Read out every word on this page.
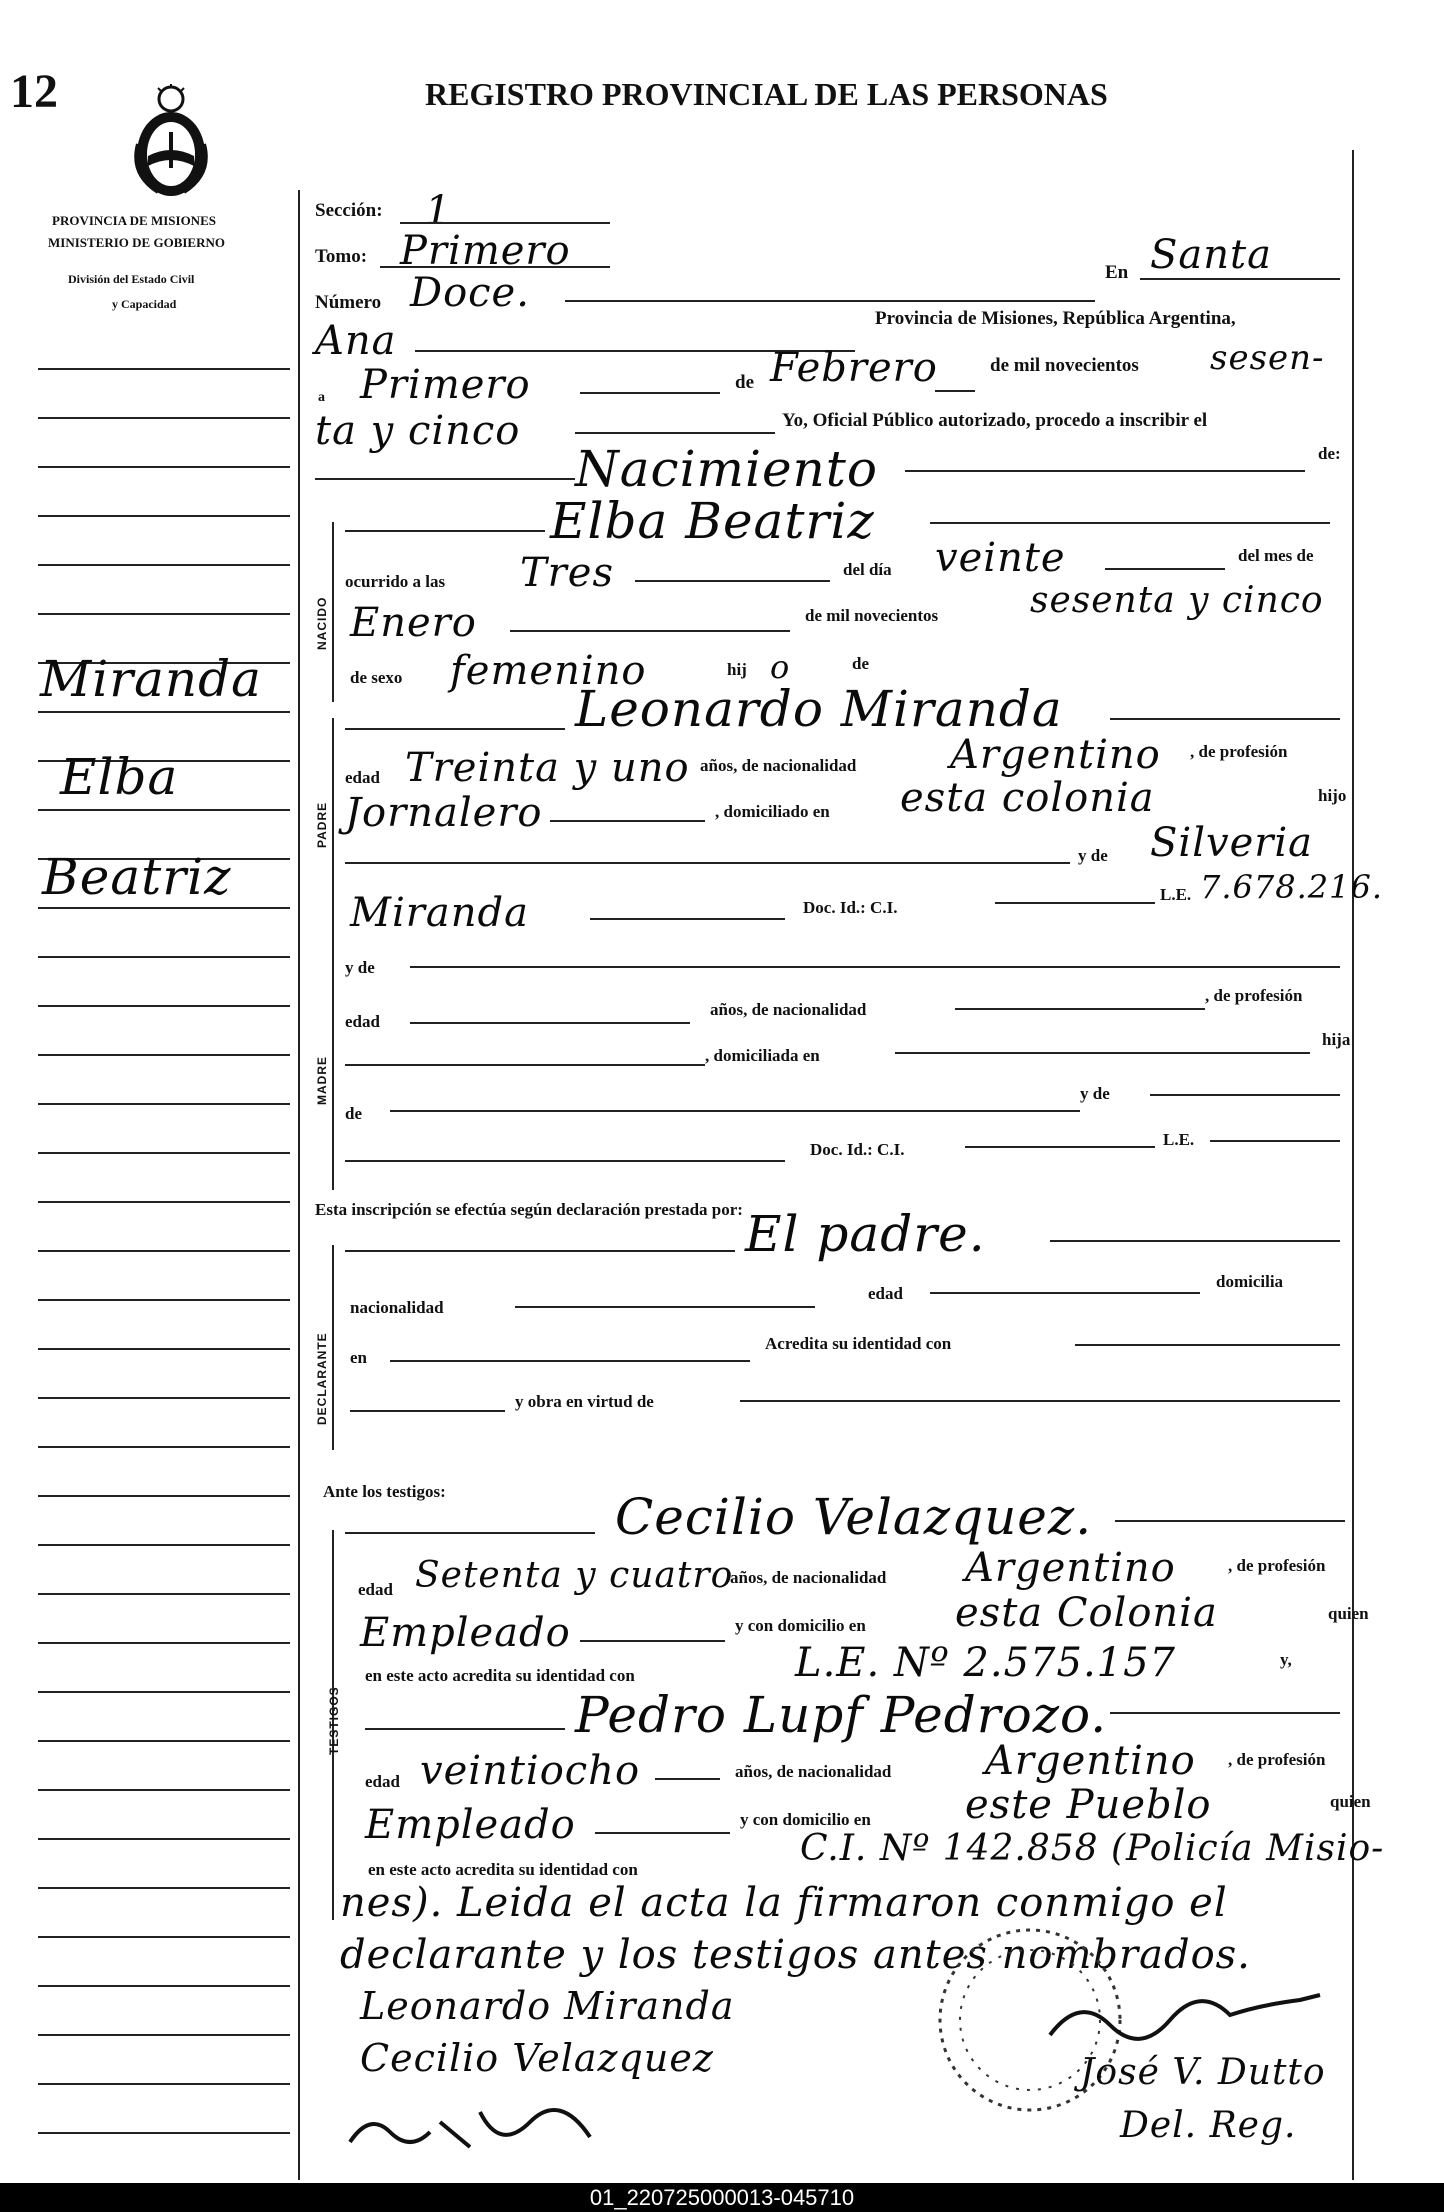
12	REGISTRO PROVINCIAL DE LAS PERSONAS
PROVINCIA DE MISIONES
MINISTERIO DE GOBIERNO
División del Estado Civil
y Capacidad
Miranda
Elba
Beatriz
NACIDO
PADRE
MADRE
DECLARANTE
TESTIGOS
Sección: 1
Tomo: Primero	En Santa
Número Doce.
Provincia de Misiones, República Argentina,
Ana
a Primero	de Febrero	de mil novecientos sesen-
ta y cinco	Yo, Oficial Público autorizado, procedo a inscribir el
Nacimiento	de:
Elba Beatriz
ocurrido a las Tres	del día veinte	del mes de
Enero	de mil novecientos	sesenta y cinco
de sexo femenino	hij o	de
Leonardo Miranda
edad Treinta y uno años, de nacionalidad Argentino , de profesión
Jornalero	, domiciliado en esta colonia	hijo
y de Silveria
Miranda	Doc. Id.: C.I.
L.E. 7.678.216.
y de
edad
años, de nacionalidad
, de profesión
, domiciliada en
hija
de
y de
Doc. Id.: C.I.
L.E.
Esta inscripción se efectúa según declaración prestada por: El padre.
nacionalidad
edad
domicilia
en
Acredita su identidad con
y obra en virtud de
Ante los testigos:	Cecilio Velazquez.
edad Setenta y cuatro
años, de nacionalidad Argentino	, de profesión
Empleado	y con domicilio en esta Colonia	quien
en este acto acredita su identidad con	L.E. Nº 2.575.157	y,
Pedro Lupf Pedrozo.
edad veintiocho	años, de nacionalidad Argentino , de profesión
Empleado	y con domicilio en este Pueblo	quien
en este acto acredita su identidad con
C.I. Nº 142.858 (Policía Misio-
nes). Leida el acta la firmaron conmigo el
declarante y los testigos antes nombrados.
Leonardo Miranda
Cecilio Velazquez	José V. Dutto
Del. Reg.
01_220725000013-045710
